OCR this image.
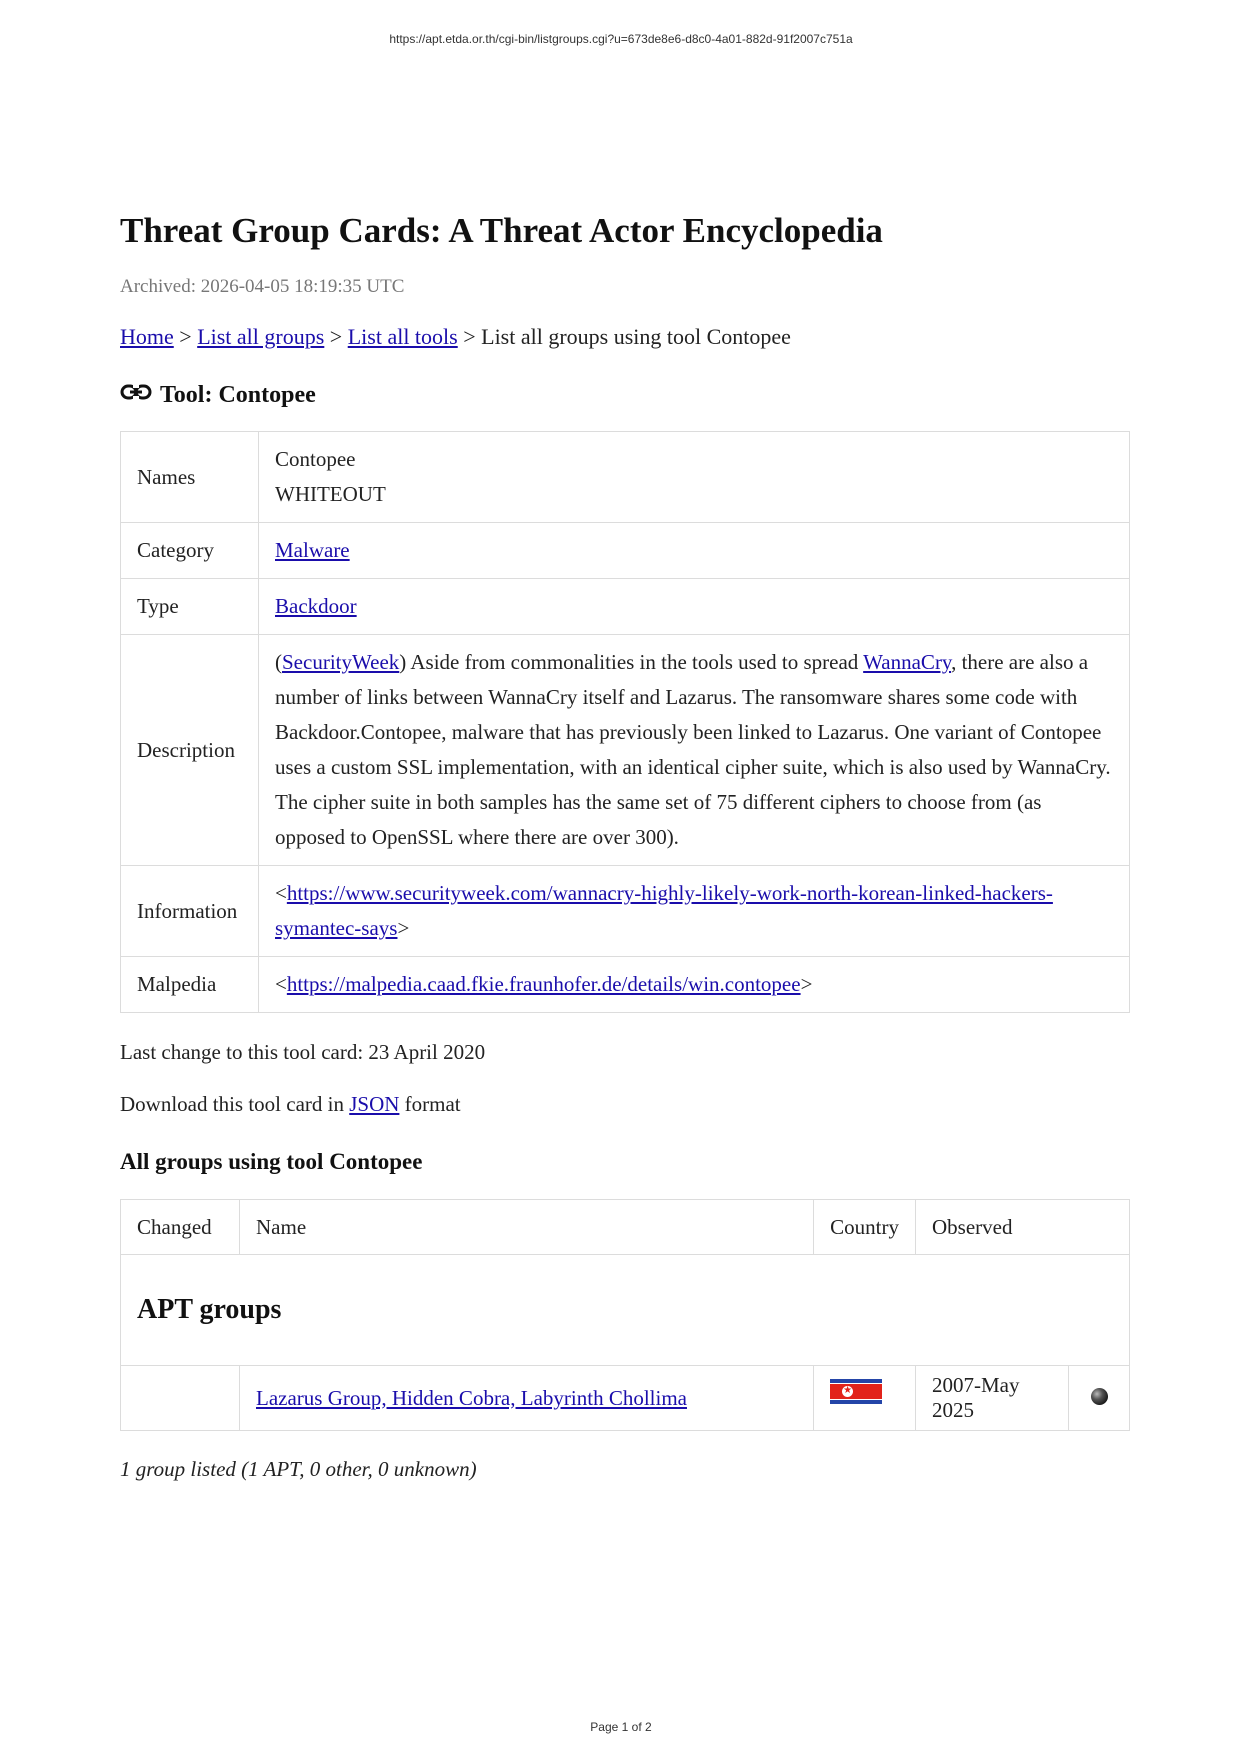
https://apt.etda.or.th/cgi-bin/listgroups.cgi?u=673de8e6-d8c0-4a01-882d-91f2007c751a
Threat Group Cards: A Threat Actor Encyclopedia
Archived: 2026-04-05 18:19:35 UTC
Home > List all groups > List all tools > List all groups using tool Contopee
Tool: Contopee
Names	Contopee
WHITEOUT

Category	Malware
Type	Backdoor
Description	(SecurityWeek) Aside from commonalities in the tools used to spread WannaCry, there are also a number of links between WannaCry itself and Lazarus. The ransomware shares some code with Backdoor.Contopee, malware that has previously been linked to Lazarus. One variant of Contopee uses a custom SSL implementation, with an identical cipher suite, which is also used by WannaCry. The cipher suite in both samples has the same set of 75 different ciphers to choose from (as opposed to OpenSSL where there are over 300).
Information	<https://www.securityweek.com/wannacry-highly-likely-work-north-korean-linked-hackers-symantec-says>
Malpedia	<https://malpedia.caad.fkie.fraunhofer.de/details/win.contopee>
Last change to this tool card: 23 April 2020
Download this tool card in JSON format
All groups using tool Contopee
Changed	Name	Country	Observed	
APT groups				
	Lazarus Group, Hidden Cobra, Labyrinth Chollima	★	2007-May 2025	
1 group listed (1 APT, 0 other, 0 unknown)
Page 1 of 2
